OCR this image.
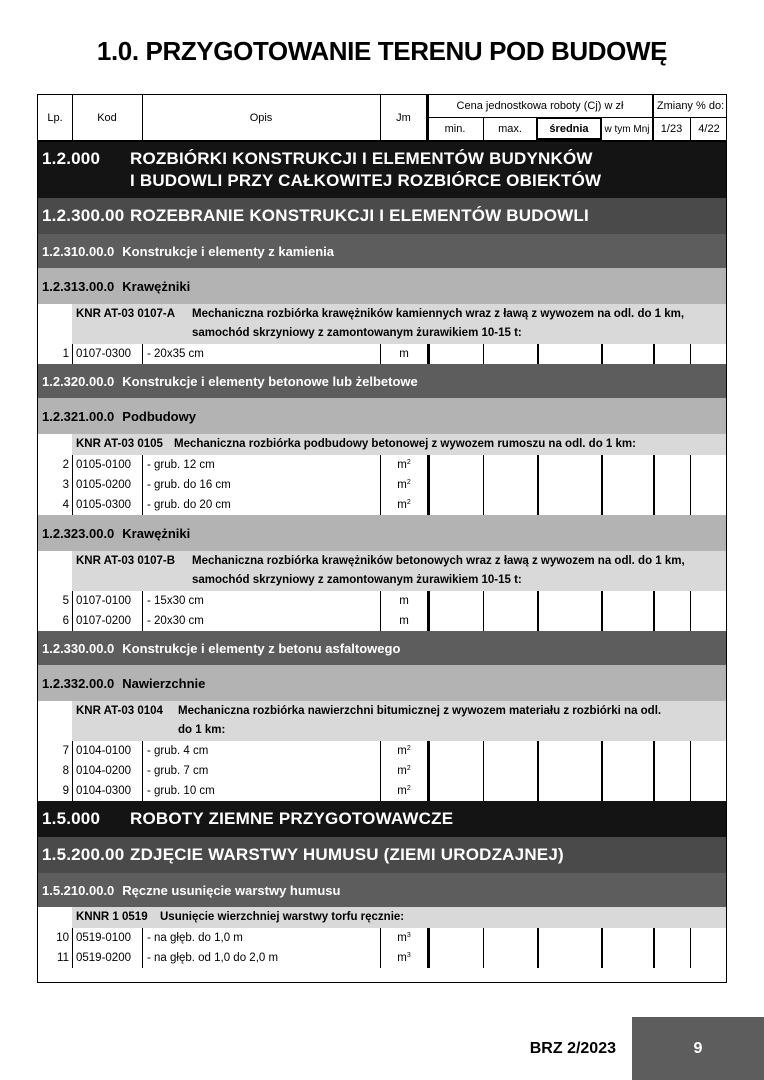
1.0. PRZYGOTOWANIE TERENU POD BUDOWĘ
Lp.	Kod	Opis	Jm
Cena jednostkowa roboty (Cj) w zł	Zmiany % do:
min.	max.	średnia	w tym Mnj	1/23	4/22
1.2.000	ROZBIÓRKI KONSTRUKCJI I ELEMENTÓW BUDYNKÓW
I BUDOWLI PRZY CAŁKOWITEJ ROZBIÓRCE OBIEKTÓW
1.2.300.00 ROZEBRANIE KONSTRUKCJI I ELEMENTÓW BUDOWLI
1.2.310.00.0 Konstrukcje i elementy z kamienia
1.2.313.00.0 Krawężniki
KNR AT-03 0107-A Mechaniczna rozbiórka krawężników kamiennych wraz z ławą z wywozem na odl. do 1 km,
samochód skrzyniowy z zamontowanym żurawikiem 10-15 t:
1 0107-0300	- 20x35 cm	m
1.2.320.00.0 Konstrukcje i elementy betonowe lub żelbetowe
1.2.321.00.0 Podbudowy
KNR AT-03 0105 Mechaniczna rozbiórka podbudowy betonowej z wywozem rumoszu na odl. do 1 km:
2 0105-0100	- grub. 12 cm	$m^2$
3 0105-0200	- grub. do 16 cm	$m^2$
4 0105-0300	- grub. do 20 cm	$m^2$
1.2.323.00.0 Krawężniki
KNR AT-03 0107-B Mechaniczna rozbiórka krawężników betonowych wraz z ławą z wywozem na odl. do 1 km,
samochód skrzyniowy z zamontowanym żurawikiem 10-15 t:
5 0107-0100	- 15x30 cm	m
6 0107-0200	- 20x30 cm	m
1.2.330.00.0 Konstrukcje i elementy z betonu asfaltowego
1.2.332.00.0 Nawierzchnie
KNR AT-03 0104 Mechaniczna rozbiórka nawierzchni bitumicznej z wywozem materiału z rozbiórki na odl.
do 1 km:
7 0104-0100	- grub. 4 cm	$m^2$
8 0104-0200	- grub. 7 cm	$m^2$
9 0104-0300	- grub. 10 cm	$m^2$
1.5.000	ROBOTY ZIEMNE PRZYGOTOWAWCZE
1.5.200.00 ZDJĘCIE WARSTWY HUMUSU (ZIEMI URODZAJNEJ)
1.5.210.00.0 Ręczne usunięcie warstwy humusu
KNNR 1 0519 Usunięcie wierzchniej warstwy torfu ręcznie:
10 0519-0100	- na głęb. do 1,0 m	$m^3$
11 0519-0200	- na głęb. od 1,0 do 2,0 m	$m^3$
BRZ 2/2023	9
